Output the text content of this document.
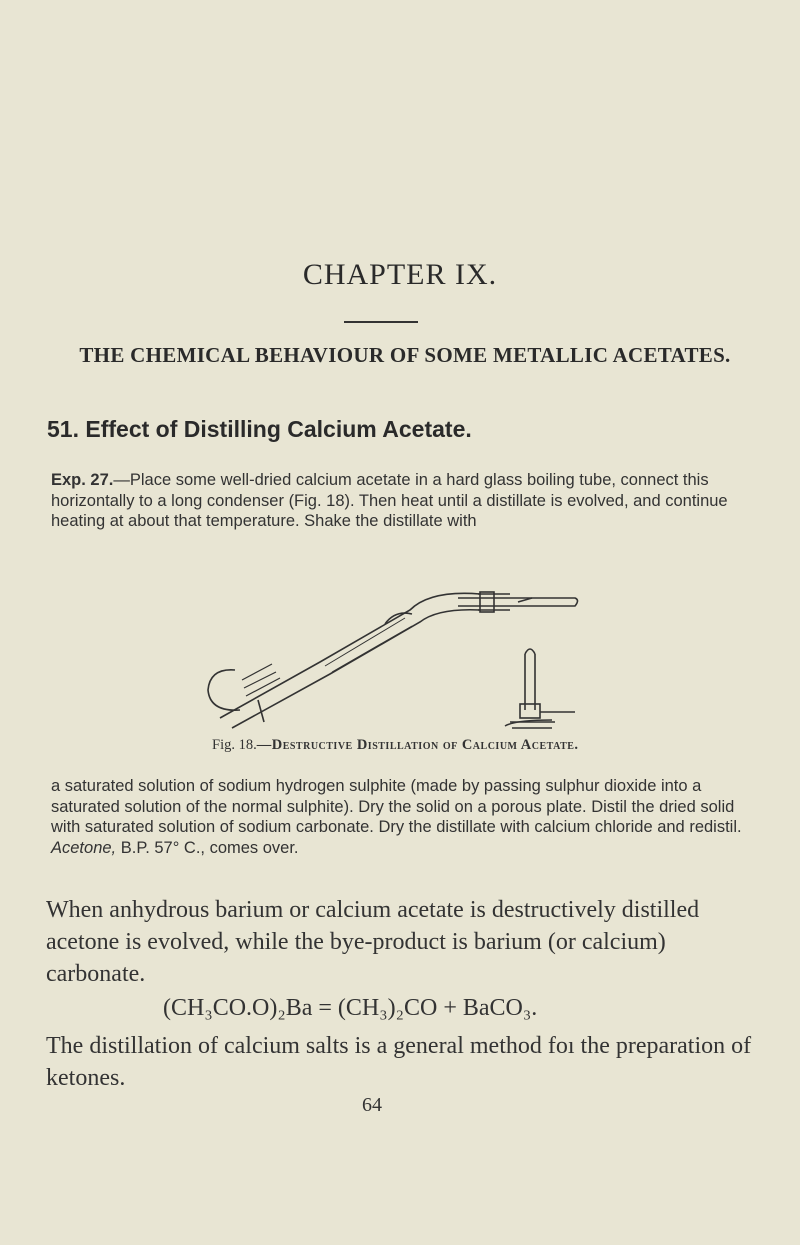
CHAPTER IX.
THE CHEMICAL BEHAVIOUR OF SOME METALLIC ACETATES.
51. Effect of Distilling Calcium Acetate.
Exp. 27.—Place some well-dried calcium acetate in a hard glass boiling tube, connect this horizontally to a long condenser (Fig. 18). Then heat until a distillate is evolved, and continue heating at about that temperature. Shake the distillate with
Fig. 18.—Destructive Distillation of Calcium Acetate.
a saturated solution of sodium hydrogen sulphite (made by passing sulphur dioxide into a saturated solution of the normal sulphite). Dry the solid on a porous plate. Distil the dried solid with saturated solution of sodium carbonate. Dry the distillate with calcium chloride and redistil. Acetone, B.P. 57° C., comes over.
When anhydrous barium or calcium acetate is destructively distilled acetone is evolved, while the bye-product is barium (or calcium) carbonate.
(CH₃CO.O)₂Ba = (CH₃)₂CO + BaCO₃.
The distillation of calcium salts is a general method foı the preparation of ketones.
64
